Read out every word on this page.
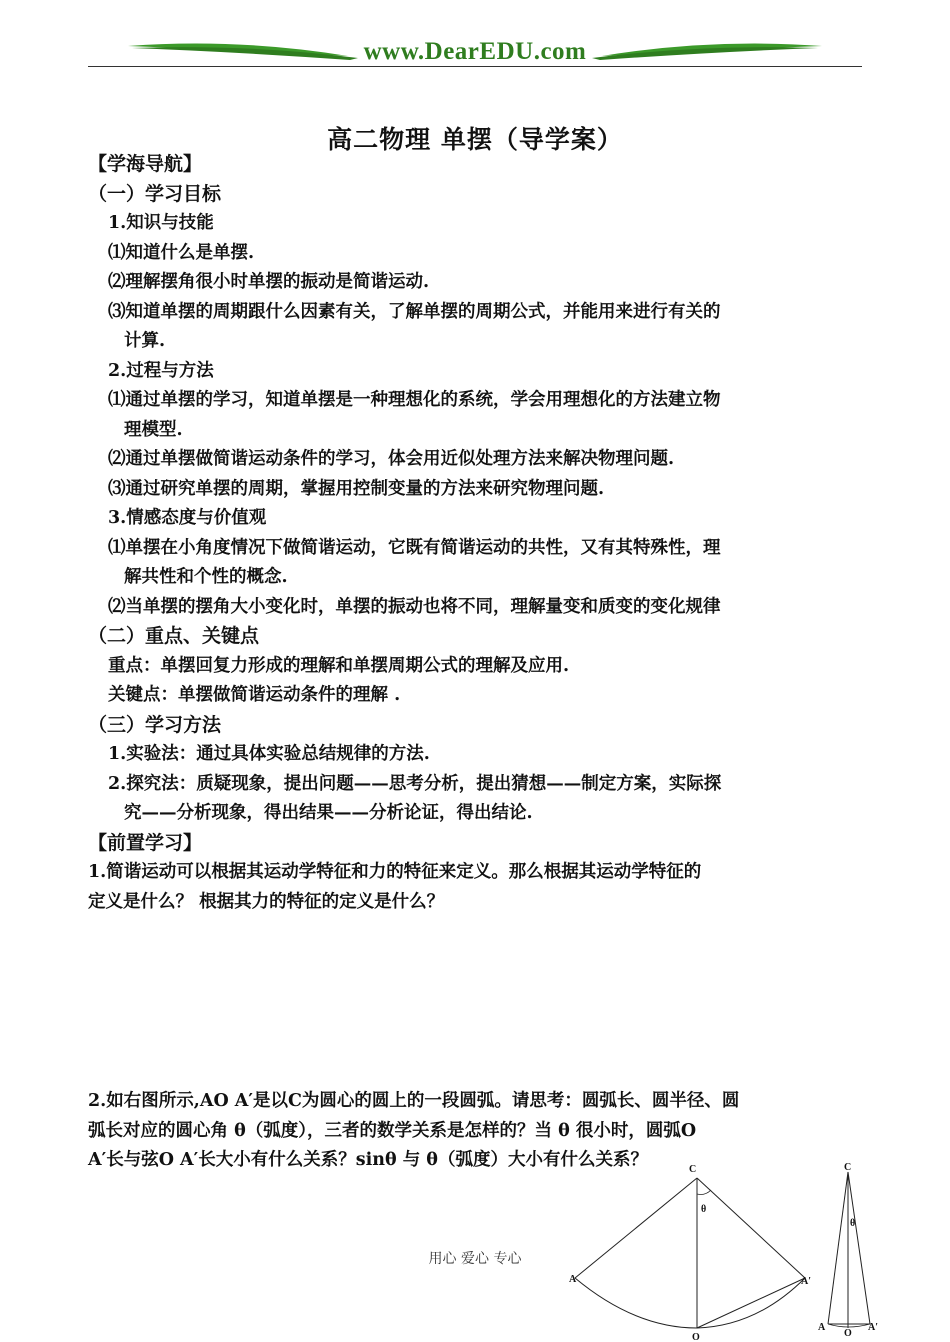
www.DearEDU.com
高二物理 单摆（导学案）
【学海导航】
（一）学习目标
1.知识与技能
⑴知道什么是单摆.
⑵理解摆角很小时单摆的振动是简谐运动.
⑶知道单摆的周期跟什么因素有关，了解单摆的周期公式，并能用来进行有关的
计算.
2.过程与方法
⑴通过单摆的学习，知道单摆是一种理想化的系统，学会用理想化的方法建立物
理模型.
⑵通过单摆做简谐运动条件的学习，体会用近似处理方法来解决物理问题.
⑶通过研究单摆的周期，掌握用控制变量的方法来研究物理问题.
3.情感态度与价值观
⑴单摆在小角度情况下做简谐运动，它既有简谐运动的共性，又有其特殊性，理
解共性和个性的概念.
⑵当单摆的摆角大小变化时，单摆的振动也将不同，理解量变和质变的变化规律
（二）重点、关键点
重点：单摆回复力形成的理解和单摆周期公式的理解及应用.
关键点：单摆做简谐运动条件的理解 .
（三）学习方法
1.实验法：通过具体实验总结规律的方法.
2.探究法：质疑现象，提出问题——思考分析，提出猜想——制定方案，实际探
究——分析现象，得出结果——分析论证，得出结论.
【前置学习】
1.简谐运动可以根据其运动学特征和力的特征来定义。那么根据其运动学特征的
定义是什么？ 根据其力的特征的定义是什么？
2.如右图所示,AO A′是以C为圆心的圆上的一段圆弧。请思考：圆弧长、圆半径、圆
弧长对应的圆心角 θ（弧度），三者的数学关系是怎样的？当 θ 很小时，圆弧O
A′长与弦O A′长大小有什么关系？sinθ 与 θ（弧度）大小有什么关系？
用心 爱心 专心
C
θ
A	A′
O
C
θ
A
O
A′
